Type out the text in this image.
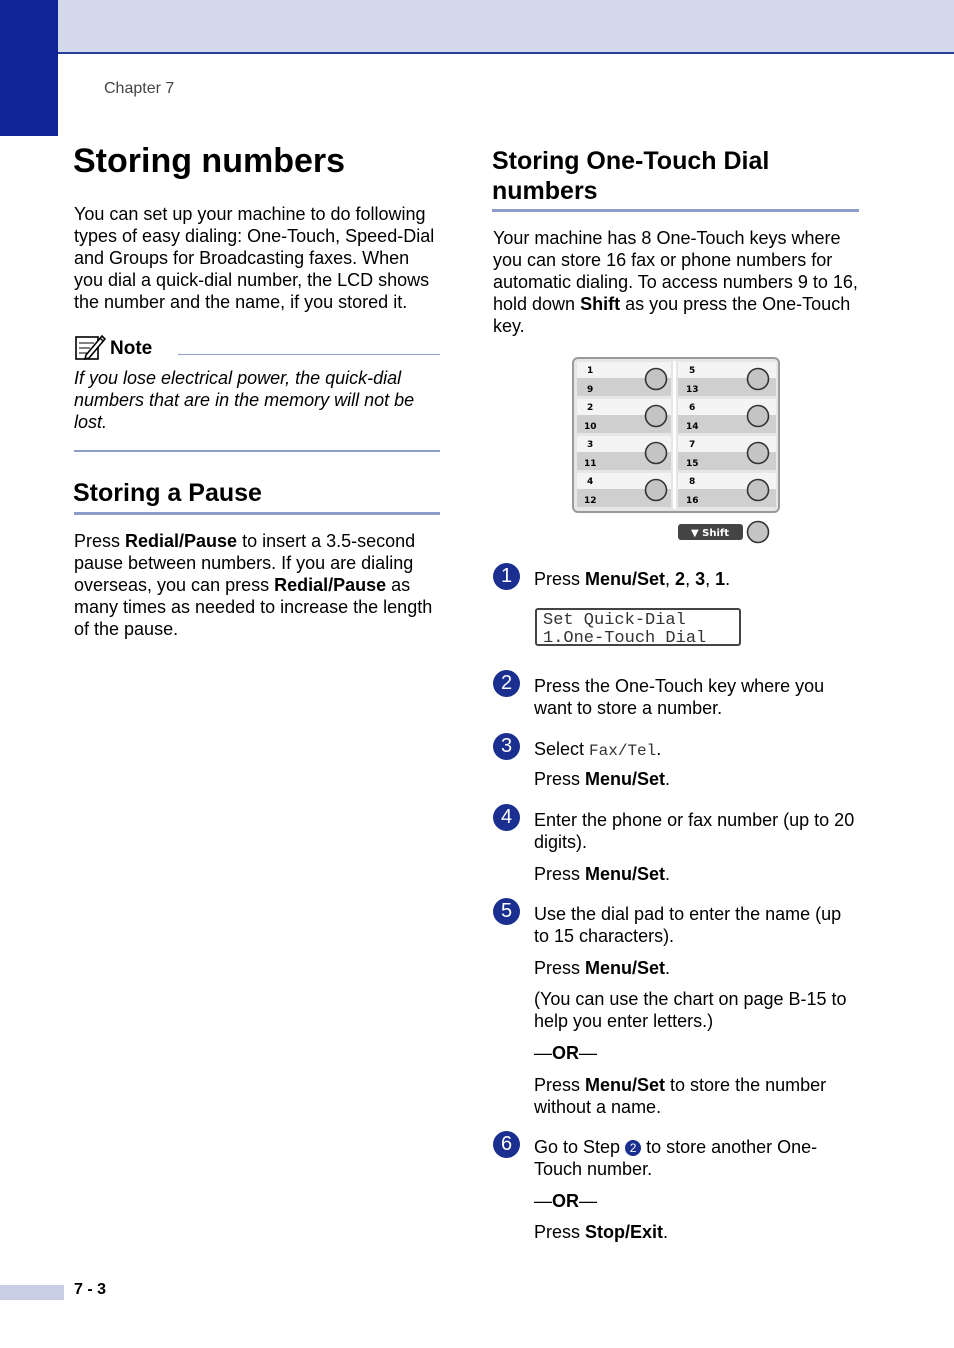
Chapter 7
7 - 3
Storing numbers

You can set up your machine to do following types of easy dialing: One-Touch, Speed-Dial and Groups for Broadcasting faxes. When you dial a quick-dial number, the LCD shows the number and the name, if you stored it.

Note

If you lose electrical power, the quick-dial numbers that are in the memory will not be lost.

Storing a Pause

Press Redial/Pause to insert a 3.5-second pause between numbers. If you are dialing overseas, you can press Redial/Pause as many times as needed to increase the length of the pause.

Storing One-Touch Dial numbers

Your machine has 8 One-Touch keys where you can store 16 fax or phone numbers for automatic dialing. To access numbers 9 to 16, hold down Shift as you press the One-Touch key.

1
9
2
10
3
11
4
12
5
13
6
14
7
15
8
16
▼ Shift
1	Press Menu/Set, 2, 3, 1.

Set Quick-Dial
1.One-Touch Dial
2	Press the One-Touch key where you want to store a number.

3	Select Fax/Tel.

Press Menu/Set.

4	Enter the phone or fax number (up to 20 digits).

Press Menu/Set.

5	Use the dial pad to enter the name (up to 15 characters).

Press Menu/Set.

(You can use the chart on page B-15 to help you enter letters.)

—OR—

Press Menu/Set to store the number without a name.

6	Go to Step 2 to store another One-Touch number.

—OR—

Press Stop/Exit.
